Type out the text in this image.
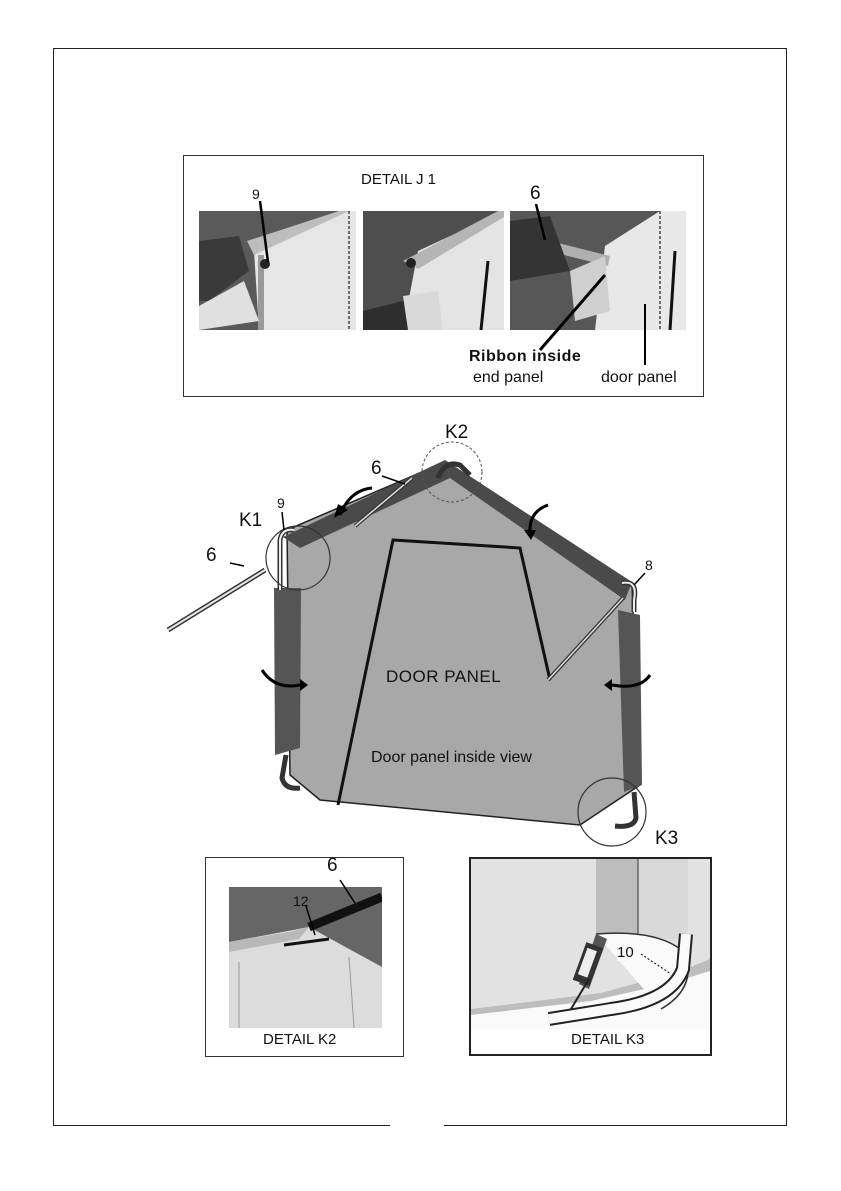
DETAIL J 1
9	6
Ribbon inside
end panel	door panel
K2
6
K1
9
6	8
DOOR PANEL
Door panel inside view
K3
6
12
DETAIL K2
10
DETAIL K3
